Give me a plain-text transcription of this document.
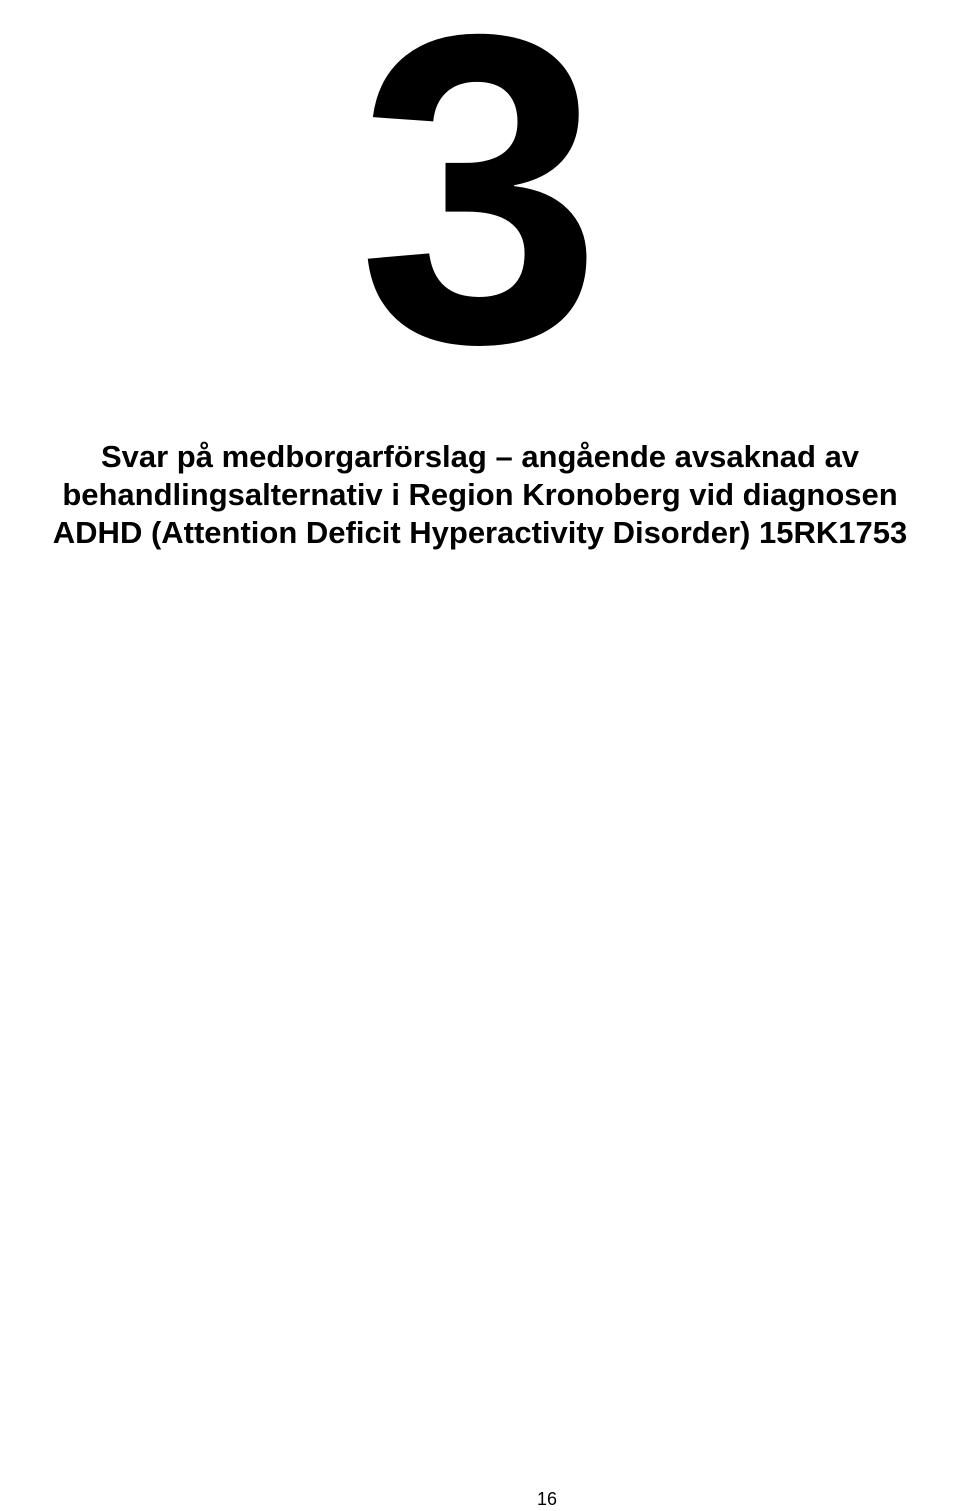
3
Svar på medborgarförslag – angående avsaknad av
behandlingsalternativ i Region Kronoberg vid diagnosen
ADHD (Attention Deficit Hyperactivity Disorder) 15RK1753
16
